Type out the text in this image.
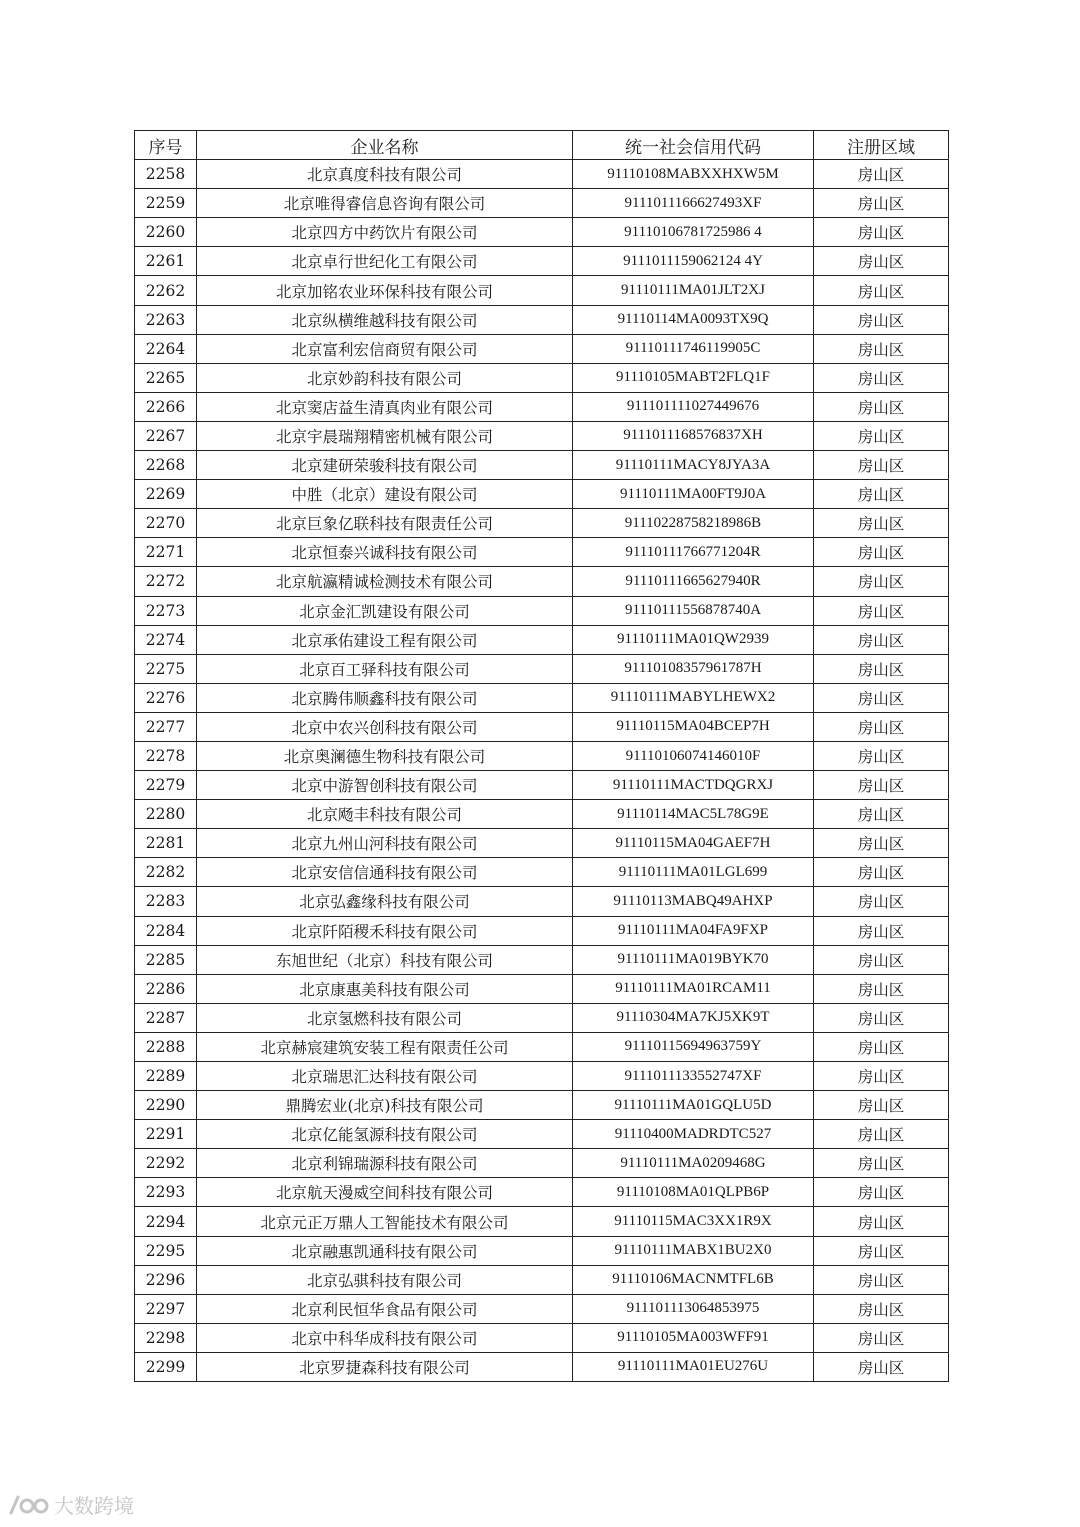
序号	企业名称	统一社会信用代码	注册区域
2258	北京真度科技有限公司	91110108MABXXHXW5M	房山区
2259	北京唯得睿信息咨询有限公司	9111011166627493XF	房山区
2260	北京四方中药饮片有限公司	91110106781725986 4	房山区
2261	北京卓行世纪化工有限公司	9111011159062124 4Y	房山区
2262	北京加铭农业环保科技有限公司	91110111MA01JLT2XJ	房山区
2263	北京纵横维越科技有限公司	91110114MA0093TX9Q	房山区
2264	北京富利宏信商贸有限公司	91110111746119905C	房山区
2265	北京妙韵科技有限公司	91110105MABT2FLQ1F	房山区
2266	北京窦店益生清真肉业有限公司	911101111027449676	房山区
2267	北京宇晨瑞翔精密机械有限公司	9111011168576837XH	房山区
2268	北京建研荣骏科技有限公司	91110111MACY8JYA3A	房山区
2269	中胜（北京）建设有限公司	91110111MA00FT9J0A	房山区
2270	北京巨象亿联科技有限责任公司	91110228758218986B	房山区
2271	北京恒泰兴诚科技有限公司	91110111766771204R	房山区
2272	北京航瀛精诚检测技术有限公司	91110111665627940R	房山区
2273	北京金汇凯建设有限公司	91110111556878740A	房山区
2274	北京承佑建设工程有限公司	91110111MA01QW2939	房山区
2275	北京百工驿科技有限公司	91110108357961787H	房山区
2276	北京腾伟顺鑫科技有限公司	91110111MABYLHEWX2	房山区
2277	北京中农兴创科技有限公司	91110115MA04BCEP7H	房山区
2278	北京奥澜德生物科技有限公司	91110106074146010F	房山区
2279	北京中游智创科技有限公司	91110111MACTDQGRXJ	房山区
2280	北京飏丰科技有限公司	91110114MAC5L78G9E	房山区
2281	北京九州山河科技有限公司	91110115MA04GAEF7H	房山区
2282	北京安信信通科技有限公司	91110111MA01LGL699	房山区
2283	北京弘鑫缘科技有限公司	91110113MABQ49AHXP	房山区
2284	北京阡陌稷禾科技有限公司	91110111MA04FA9FXP	房山区
2285	东旭世纪（北京）科技有限公司	91110111MA019BYK70	房山区
2286	北京康惠美科技有限公司	91110111MA01RCAM11	房山区
2287	北京氢燃科技有限公司	91110304MA7KJ5XK9T	房山区
2288	北京赫宸建筑安装工程有限责任公司	91110115694963759Y	房山区
2289	北京瑞思汇达科技有限公司	9111011133552747XF	房山区
2290	鼎腾宏业(北京)科技有限公司	91110111MA01GQLU5D	房山区
2291	北京亿能氢源科技有限公司	91110400MADRDTC527	房山区
2292	北京利锦瑞源科技有限公司	91110111MA0209468G	房山区
2293	北京航天漫威空间科技有限公司	91110108MA01QLPB6P	房山区
2294	北京元正万鼎人工智能技术有限公司	91110115MAC3XX1R9X	房山区
2295	北京融惠凯通科技有限公司	91110111MABX1BU2X0	房山区
2296	北京弘骐科技有限公司	91110106MACNMTFL6B	房山区
2297	北京利民恒华食品有限公司	911101113064853975	房山区
2298	北京中科华成科技有限公司	91110105MA003WFF91	房山区
2299	北京罗捷森科技有限公司	91110111MA01EU276U	房山区
大数跨境
